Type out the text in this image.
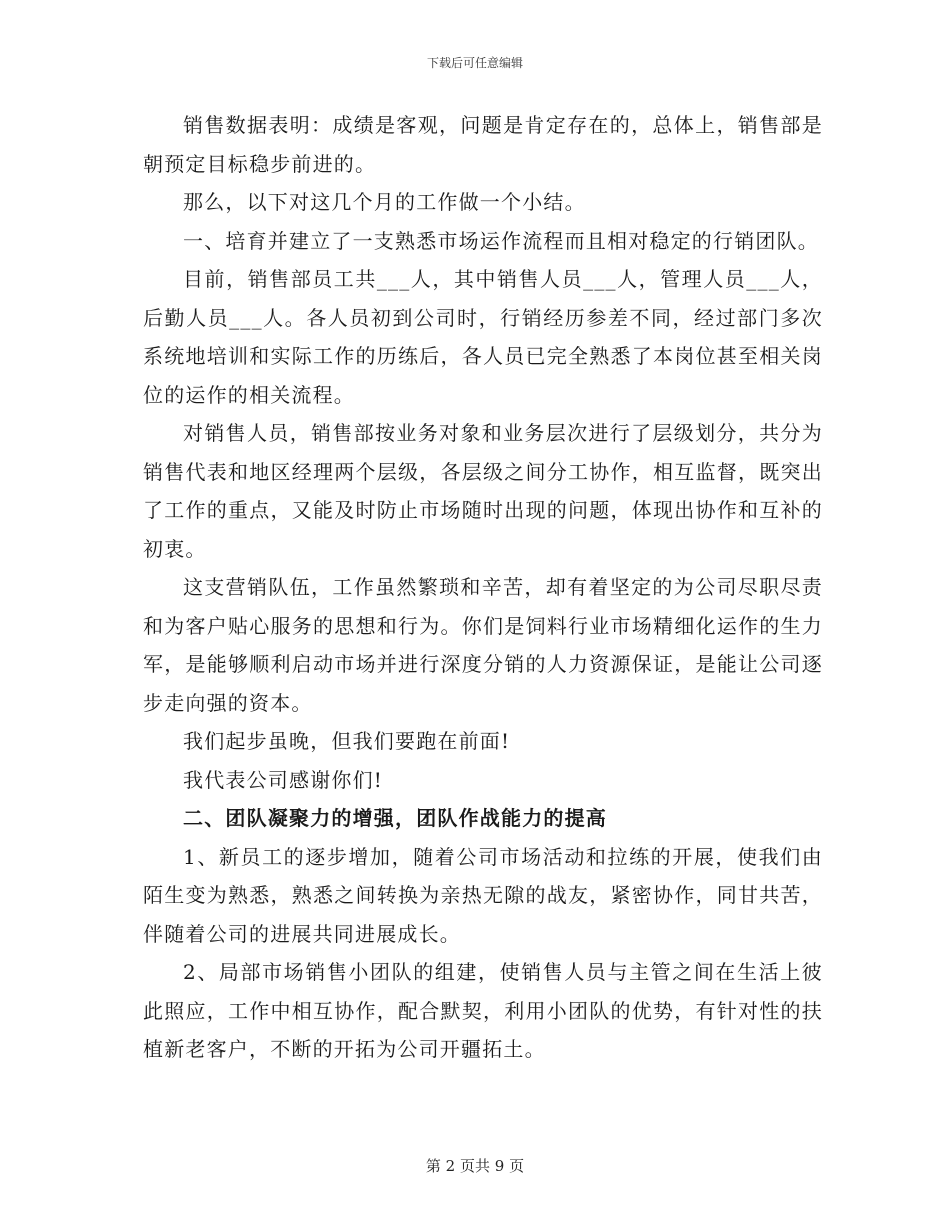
下载后可任意编辑

销售数据表明：成绩是客观，问题是肯定存在的，总体上，销售部是朝预定目标稳步前进的。

那么，以下对这几个月的工作做一个小结。

一、培育并建立了一支熟悉市场运作流程而且相对稳定的行销团队。

目前，销售部员工共___人，其中销售人员___人，管理人员___人，后勤人员___人。各人员初到公司时，行销经历参差不同，经过部门多次系统地培训和实际工作的历练后，各人员已完全熟悉了本岗位甚至相关岗位的运作的相关流程。

对销售人员，销售部按业务对象和业务层次进行了层级划分，共分为销售代表和地区经理两个层级，各层级之间分工协作，相互监督，既突出了工作的重点，又能及时防止市场随时出现的问题，体现出协作和互补的初衷。

这支营销队伍，工作虽然繁琐和辛苦，却有着坚定的为公司尽职尽责和为客户贴心服务的思想和行为。你们是饲料行业市场精细化运作的生力军，是能够顺利启动市场并进行深度分销的人力资源保证，是能让公司逐步走向强的资本。

我们起步虽晚，但我们要跑在前面!

我代表公司感谢你们!

二、团队凝聚力的增强，团队作战能力的提高

1、新员工的逐步增加，随着公司市场活动和拉练的开展，使我们由陌生变为熟悉，熟悉之间转换为亲热无隙的战友，紧密协作，同甘共苦，伴随着公司的进展共同进展成长。

2、局部市场销售小团队的组建，使销售人员与主管之间在生活上彼此照应，工作中相互协作，配合默契，利用小团队的优势，有针对性的扶植新老客户，不断的开拓为公司开疆拓土。

第 2 页共 9 页
